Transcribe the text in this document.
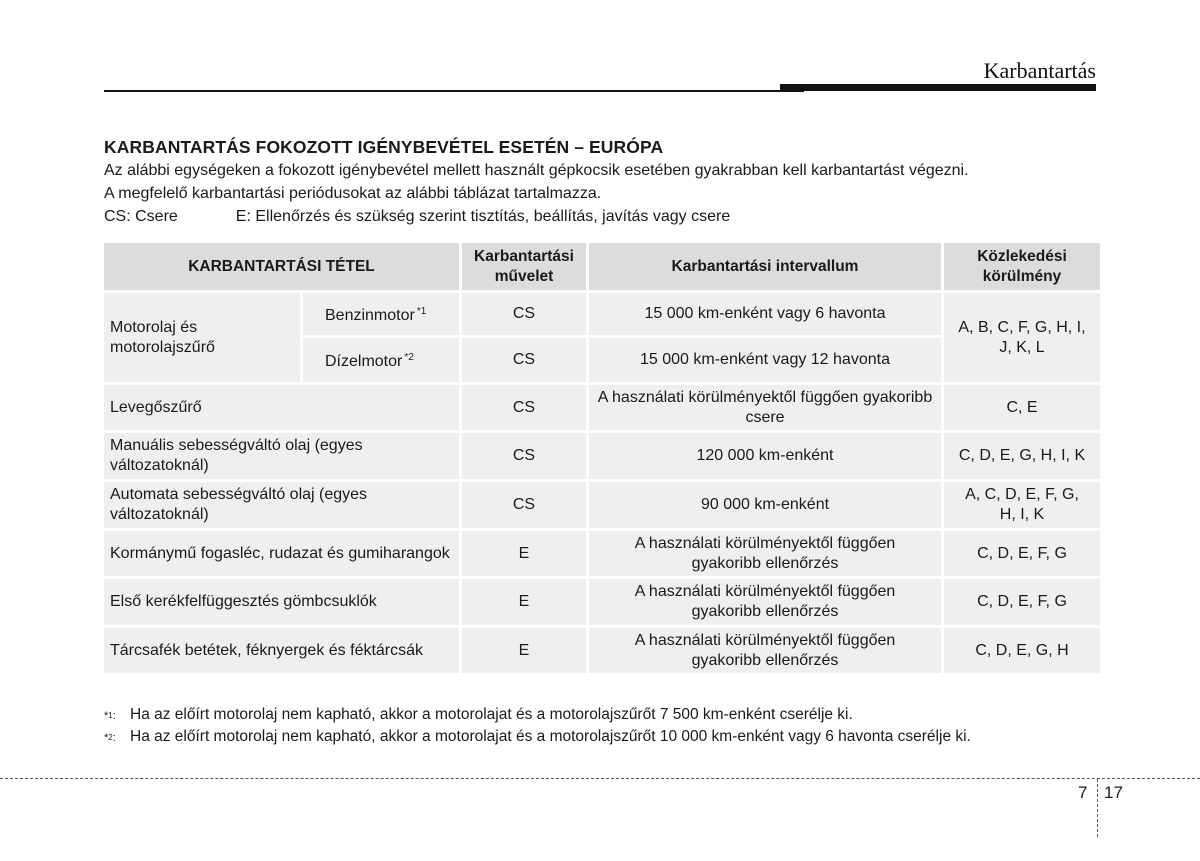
Karbantartás
KARBANTARTÁS FOKOZOTT IGÉNYBEVÉTEL ESETÉN – EURÓPA
Az alábbi egységeken a fokozott igénybevétel mellett használt gépkocsik esetében gyakrabban kell karbantartást végezni.
A megfelelő karbantartási periódusokat az alábbi táblázat tartalmazza.
CS: Csere	E: Ellenőrzés és szükség szerint tisztítás, beállítás, javítás vagy csere
KARBANTARTÁSI TÉTEL		Karbantartási művelet	Karbantartási intervallum	Közlekedési körülmény
Motorolaj és motorolajszűrő	Benzinmotor $^{*1}$	CS	15 000 km-enként vagy 6 havonta	A, B, C, F, G, H, I, J, K, L
	Dízelmotor $^{*2}$	CS	15 000 km-enként vagy 12 havonta	
Levegőszűrő		CS	A használati körülményektől függően gyakoribb csere	C, E
Manuális sebességváltó olaj (egyes változatoknál)		CS	120 000 km-enként	C, D, E, G, H, I, K
Automata sebességváltó olaj (egyes változatoknál)		CS	90 000 km-enként	A, C, D, E, F, G, H, I, K
Kormánymű fogasléc, rudazat és gumiharangok		E	A használati körülményektől függően gyakoribb ellenőrzés	C, D, E, F, G
Első kerékfelfüggesztés gömbcsuklók		E	A használati körülményektől függően gyakoribb ellenőrzés	C, D, E, F, G
Tárcsafék betétek, féknyergek és féktárcsák		E	A használati körülményektől függően gyakoribb ellenőrzés	C, D, E, G, H
$*_1$: Ha az előírt motorolaj nem kapható, akkor a motorolajat és a motorolajszűrőt 7 500 km-enként cserélje ki.
$*_2$: Ha az előírt motorolaj nem kapható, akkor a motorolajat és a motorolajszűrőt 10 000 km-enként vagy 6 havonta cserélje ki.
7 17
